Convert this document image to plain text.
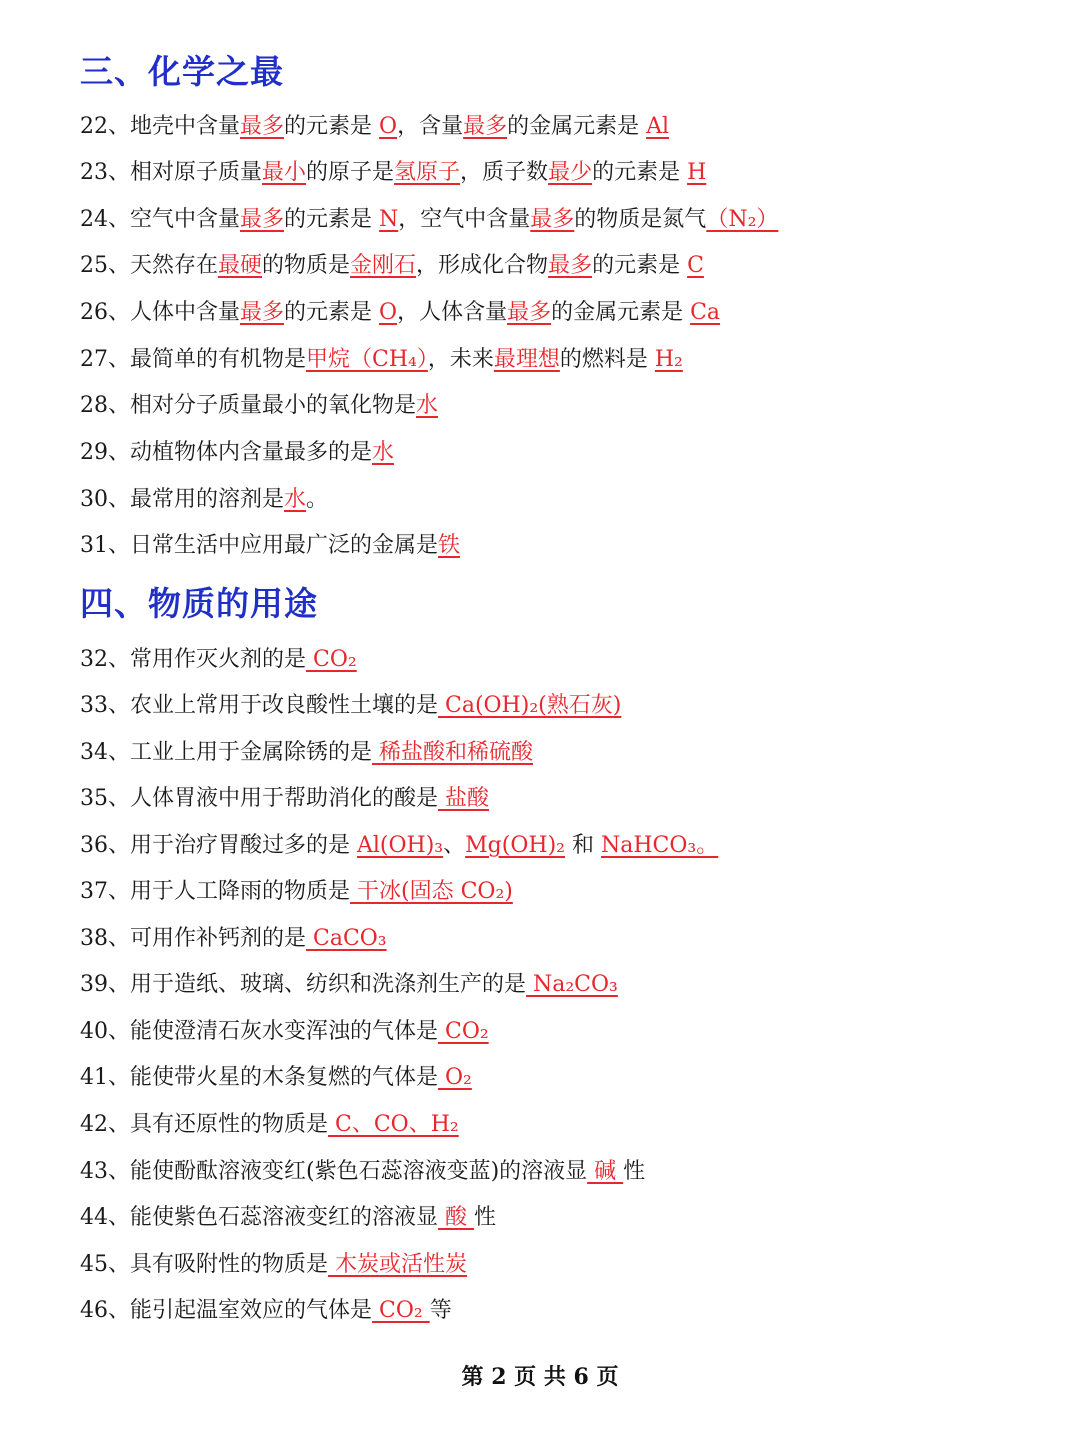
三、化学之最
22、地壳中含量最多的元素是 O，含量最多的金属元素是 Al
23、相对原子质量最小的原子是氢原子，质子数最少的元素是 H
24、空气中含量最多的元素是 N，空气中含量最多的物质是氮气（N₂）
25、天然存在最硬的物质是金刚石，形成化合物最多的元素是 C
26、人体中含量最多的元素是 O，人体含量最多的金属元素是 Ca
27、最简单的有机物是甲烷（CH₄），未来最理想的燃料是 H₂
28、相对分子质量最小的氧化物是水
29、动植物体内含量最多的是水
30、最常用的溶剂是水。
31、日常生活中应用最广泛的金属是铁
四、物质的用途
32、常用作灭火剂的是 CO₂
33、农业上常用于改良酸性土壤的是 Ca(OH)₂(熟石灰)
34、工业上用于金属除锈的是 稀盐酸和稀硫酸
35、人体胃液中用于帮助消化的酸是 盐酸
36、用于治疗胃酸过多的是 Al(OH)₃、Mg(OH)₂ 和 NaHCO₃。
37、用于人工降雨的物质是 干冰(固态 CO₂)
38、可用作补钙剂的是 CaCO₃
39、用于造纸、玻璃、纺织和洗涤剂生产的是 Na₂CO₃
40、能使澄清石灰水变浑浊的气体是 CO₂
41、能使带火星的木条复燃的气体是 O₂
42、具有还原性的物质是 C、CO、H₂
43、能使酚酞溶液变红(紫色石蕊溶液变蓝)的溶液显 碱 性
44、能使紫色石蕊溶液变红的溶液显 酸 性
45、具有吸附性的物质是 木炭或活性炭
46、能引起温室效应的气体是 CO₂ 等
第 2 页 共 6 页
